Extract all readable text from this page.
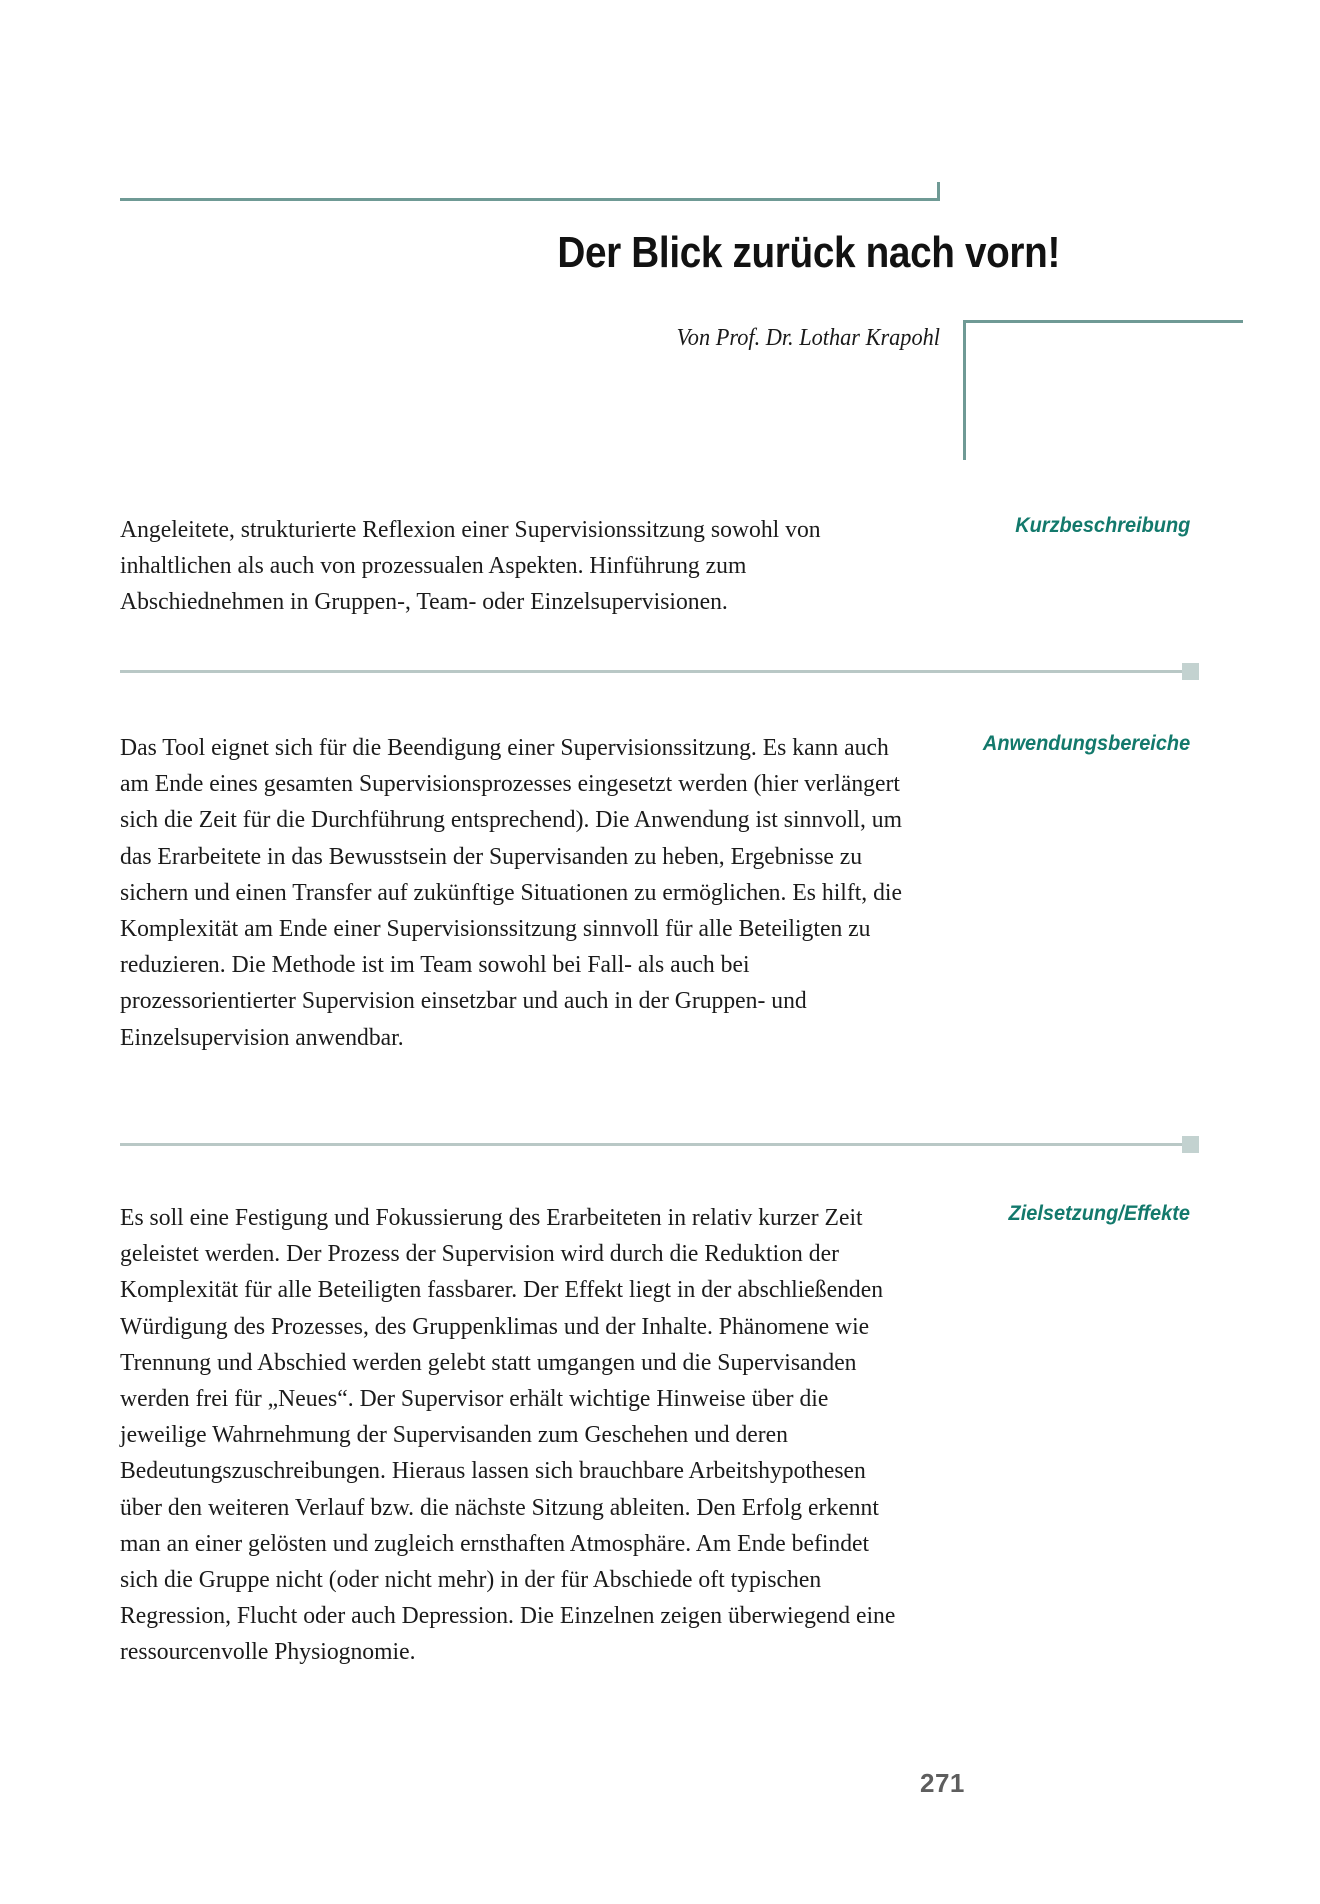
Der Blick zurück nach vorn!
Von Prof. Dr. Lothar Krapohl
Angeleitete, strukturierte Reflexion einer Supervisionssitzung sowohl von inhaltlichen als auch von prozessualen Aspekten. Hinführung zum Abschiednehmen in Gruppen-, Team- oder Einzelsupervisionen.
Kurzbeschreibung
Das Tool eignet sich für die Beendigung einer Supervisionssitzung. Es kann auch am Ende eines gesamten Supervisionsprozesses eingesetzt werden (hier verlängert sich die Zeit für die Durchführung entsprechend). Die Anwendung ist sinnvoll, um das Erarbeitete in das Bewusstsein der Supervisanden zu heben, Ergebnisse zu sichern und einen Transfer auf zukünftige Situationen zu ermöglichen. Es hilft, die Komplexität am Ende einer Supervisionssitzung sinnvoll für alle Beteiligten zu reduzieren. Die Methode ist im Team sowohl bei Fall- als auch bei prozessorientierter Supervision einsetzbar und auch in der Gruppen- und Einzelsupervision anwendbar.
Anwendungsbereiche
Es soll eine Festigung und Fokussierung des Erarbeiteten in relativ kurzer Zeit geleistet werden. Der Prozess der Supervision wird durch die Reduktion der Komplexität für alle Beteiligten fassbarer. Der Effekt liegt in der abschließenden Würdigung des Prozesses, des Gruppenklimas und der Inhalte. Phänomene wie Trennung und Abschied werden gelebt statt umgangen und die Supervisanden werden frei für „Neues“. Der Supervisor erhält wichtige Hinweise über die jeweilige Wahrnehmung der Supervisanden zum Geschehen und deren Bedeutungszuschreibungen. Hieraus lassen sich brauchbare Arbeitshypothesen über den weiteren Verlauf bzw. die nächste Sitzung ableiten. Den Erfolg erkennt man an einer gelösten und zugleich ernsthaften Atmosphäre. Am Ende befindet sich die Gruppe nicht (oder nicht mehr) in der für Abschiede oft typischen Regression, Flucht oder auch Depression. Die Einzelnen zeigen überwiegend eine ressourcenvolle Physiognomie.
Zielsetzung/Effekte
271
